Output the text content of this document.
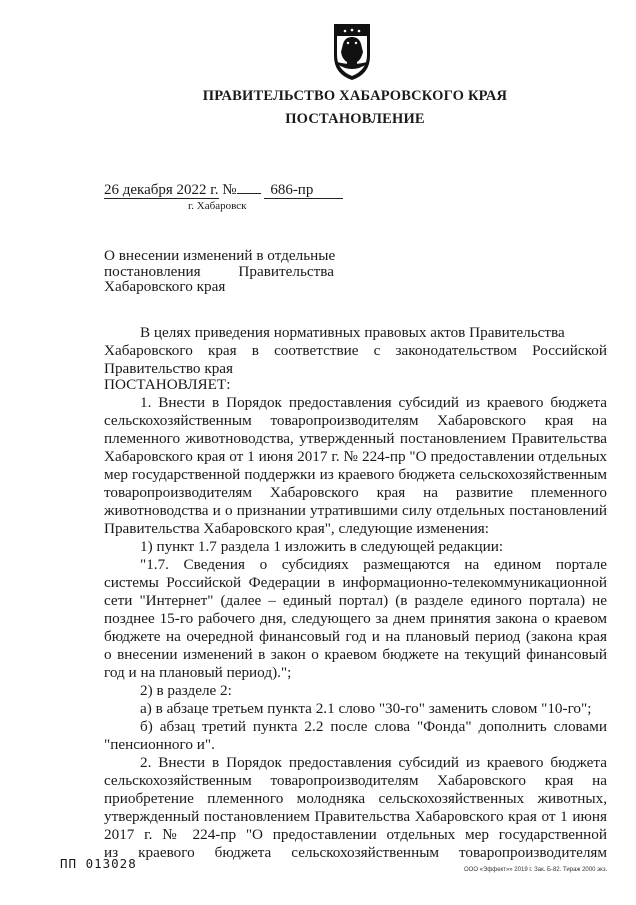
ПРАВИТЕЛЬСТВО ХАБАРОВСКОГО КРАЯ
ПОСТАНОВЛЕНИЕ
26 декабря 2022 г. № 686-пр
г. Хабаровск
О внесении изменений в отдельные
постановления Правительства
Хабаровского края
В целях приведения нормативных правовых актов Правительства
Хабаровского края в соответствие с законодательством Российской
Правительство края
ПОСТАНОВЛЯЕТ:
1. Внести в Порядок предоставления субсидий из краевого бюджета
сельскохозяйственным товаропроизводителям Хабаровского края на
племенного животноводства, утвержденный постановлением Правительства
Хабаровского края от 1 июня 2017 г. № 224-пр "О предоставлении отдельных
мер государственной поддержки из краевого бюджета сельскохозяйственным
товаропроизводителям Хабаровского края на развитие племенного
животноводства и о признании утратившими силу отдельных постановлений
Правительства Хабаровского края", следующие изменения:
1) пункт 1.7 раздела 1 изложить в следующей редакции:
"1.7. Сведения о субсидиях размещаются на едином портале
системы Российской Федерации в информационно-телекоммуникационной
сети "Интернет" (далее – единый портал) (в разделе единого портала) не
позднее 15-го рабочего дня, следующего за днем принятия закона о краевом
бюджете на очередной финансовый год и на плановый период (закона края
о внесении изменений в закон о краевом бюджете на текущий финансовый
год и на плановый период).";
2) в разделе 2:
а) в абзаце третьем пункта 2.1 слово "30-го" заменить словом "10-го";
б) абзац третий пункта 2.2 после слова "Фонда" дополнить словами
"пенсионного и".
2. Внести в Порядок предоставления субсидий из краевого бюджета
сельскохозяйственным товаропроизводителям Хабаровского края на
приобретение племенного молодняка сельскохозяйственных животных,
утвержденный постановлением Правительства Хабаровского края от 1 июня
2017 г. № 224-пр "О предоставлении отдельных мер государственной
из краевого бюджета сельскохозяйственным товаропроизводителям
ПП 013028	ООО «Эффект»» 2019 г. Зак. Б-82. Тираж 2000 экз.
